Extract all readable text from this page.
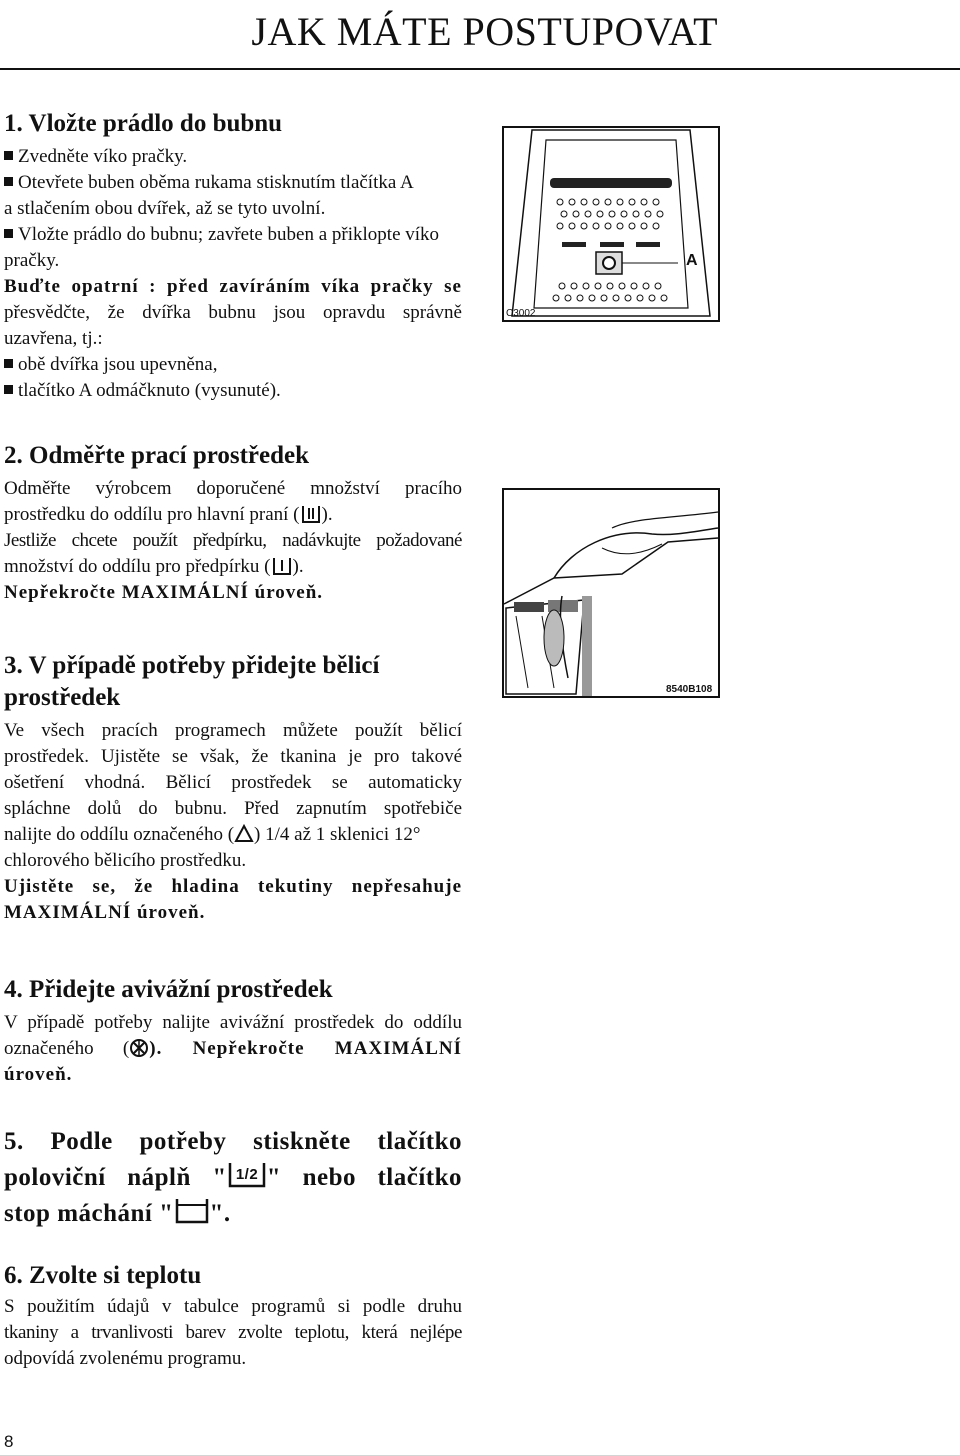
JAK MÁTE POSTUPOVAT
1. Vložte prádlo do bubnu

Zvedněte víko pračky.

Otevřete buben oběma rukama stisknutím tlačítka A

a stlačením obou dvířek, až se tyto uvolní.

Vložte prádlo do bubnu; zavřete buben a přiklopte víko

pračky.

Buďte opatrní : před zavíráním víka pračky se

přesvědčte, že dvířka bubnu jsou opravdu správně

uzavřena, tj.:

obě dvířka jsou upevněna,

tlačítko A odmáčknuto (vysunuté).

A
C3002
2. Odměřte prací prostředek

Odměřte výrobcem doporučené množství pracího

prostředku do oddílu pro hlavní praní ( ).

Jestliže chcete použít předpírku, nadávkujte požadované

množství do oddílu pro předpírku ( ).

Nepřekročte MAXIMÁLNÍ úroveň.

8540B108
3. V případě potřeby přidejte bělicí
prostředek

Ve všech pracích programech můžete použít bělicí

prostředek. Ujistěte se však, že tkanina je pro takové

ošetření vhodná. Bělicí prostředek se automaticky

spláchne dolů do bubnu. Před zapnutím spotřebiče

nalijte do oddílu označeného ( ) 1/4 až 1 sklenici 12°

chlorového bělicího prostředku.

Ujistěte se, že hladina tekutiny nepřesahuje

MAXIMÁLNÍ úroveň.

4. Přidejte avivážní prostředek

V případě potřeby nalijte avivážní prostředek do oddílu

označeného ( ). Nepřekročte MAXIMÁLNÍ

úroveň.

5. Podle potřeby stiskněte tlačítko

poloviční náplň " 1/2 " nebo tlačítko

stop máchání " ".

6. Zvolte si teplotu

S použitím údajů v tabulce programů si podle druhu

tkaniny a trvanlivosti barev zvolte teplotu, která nejlépe

odpovídá zvolenému programu.

8
